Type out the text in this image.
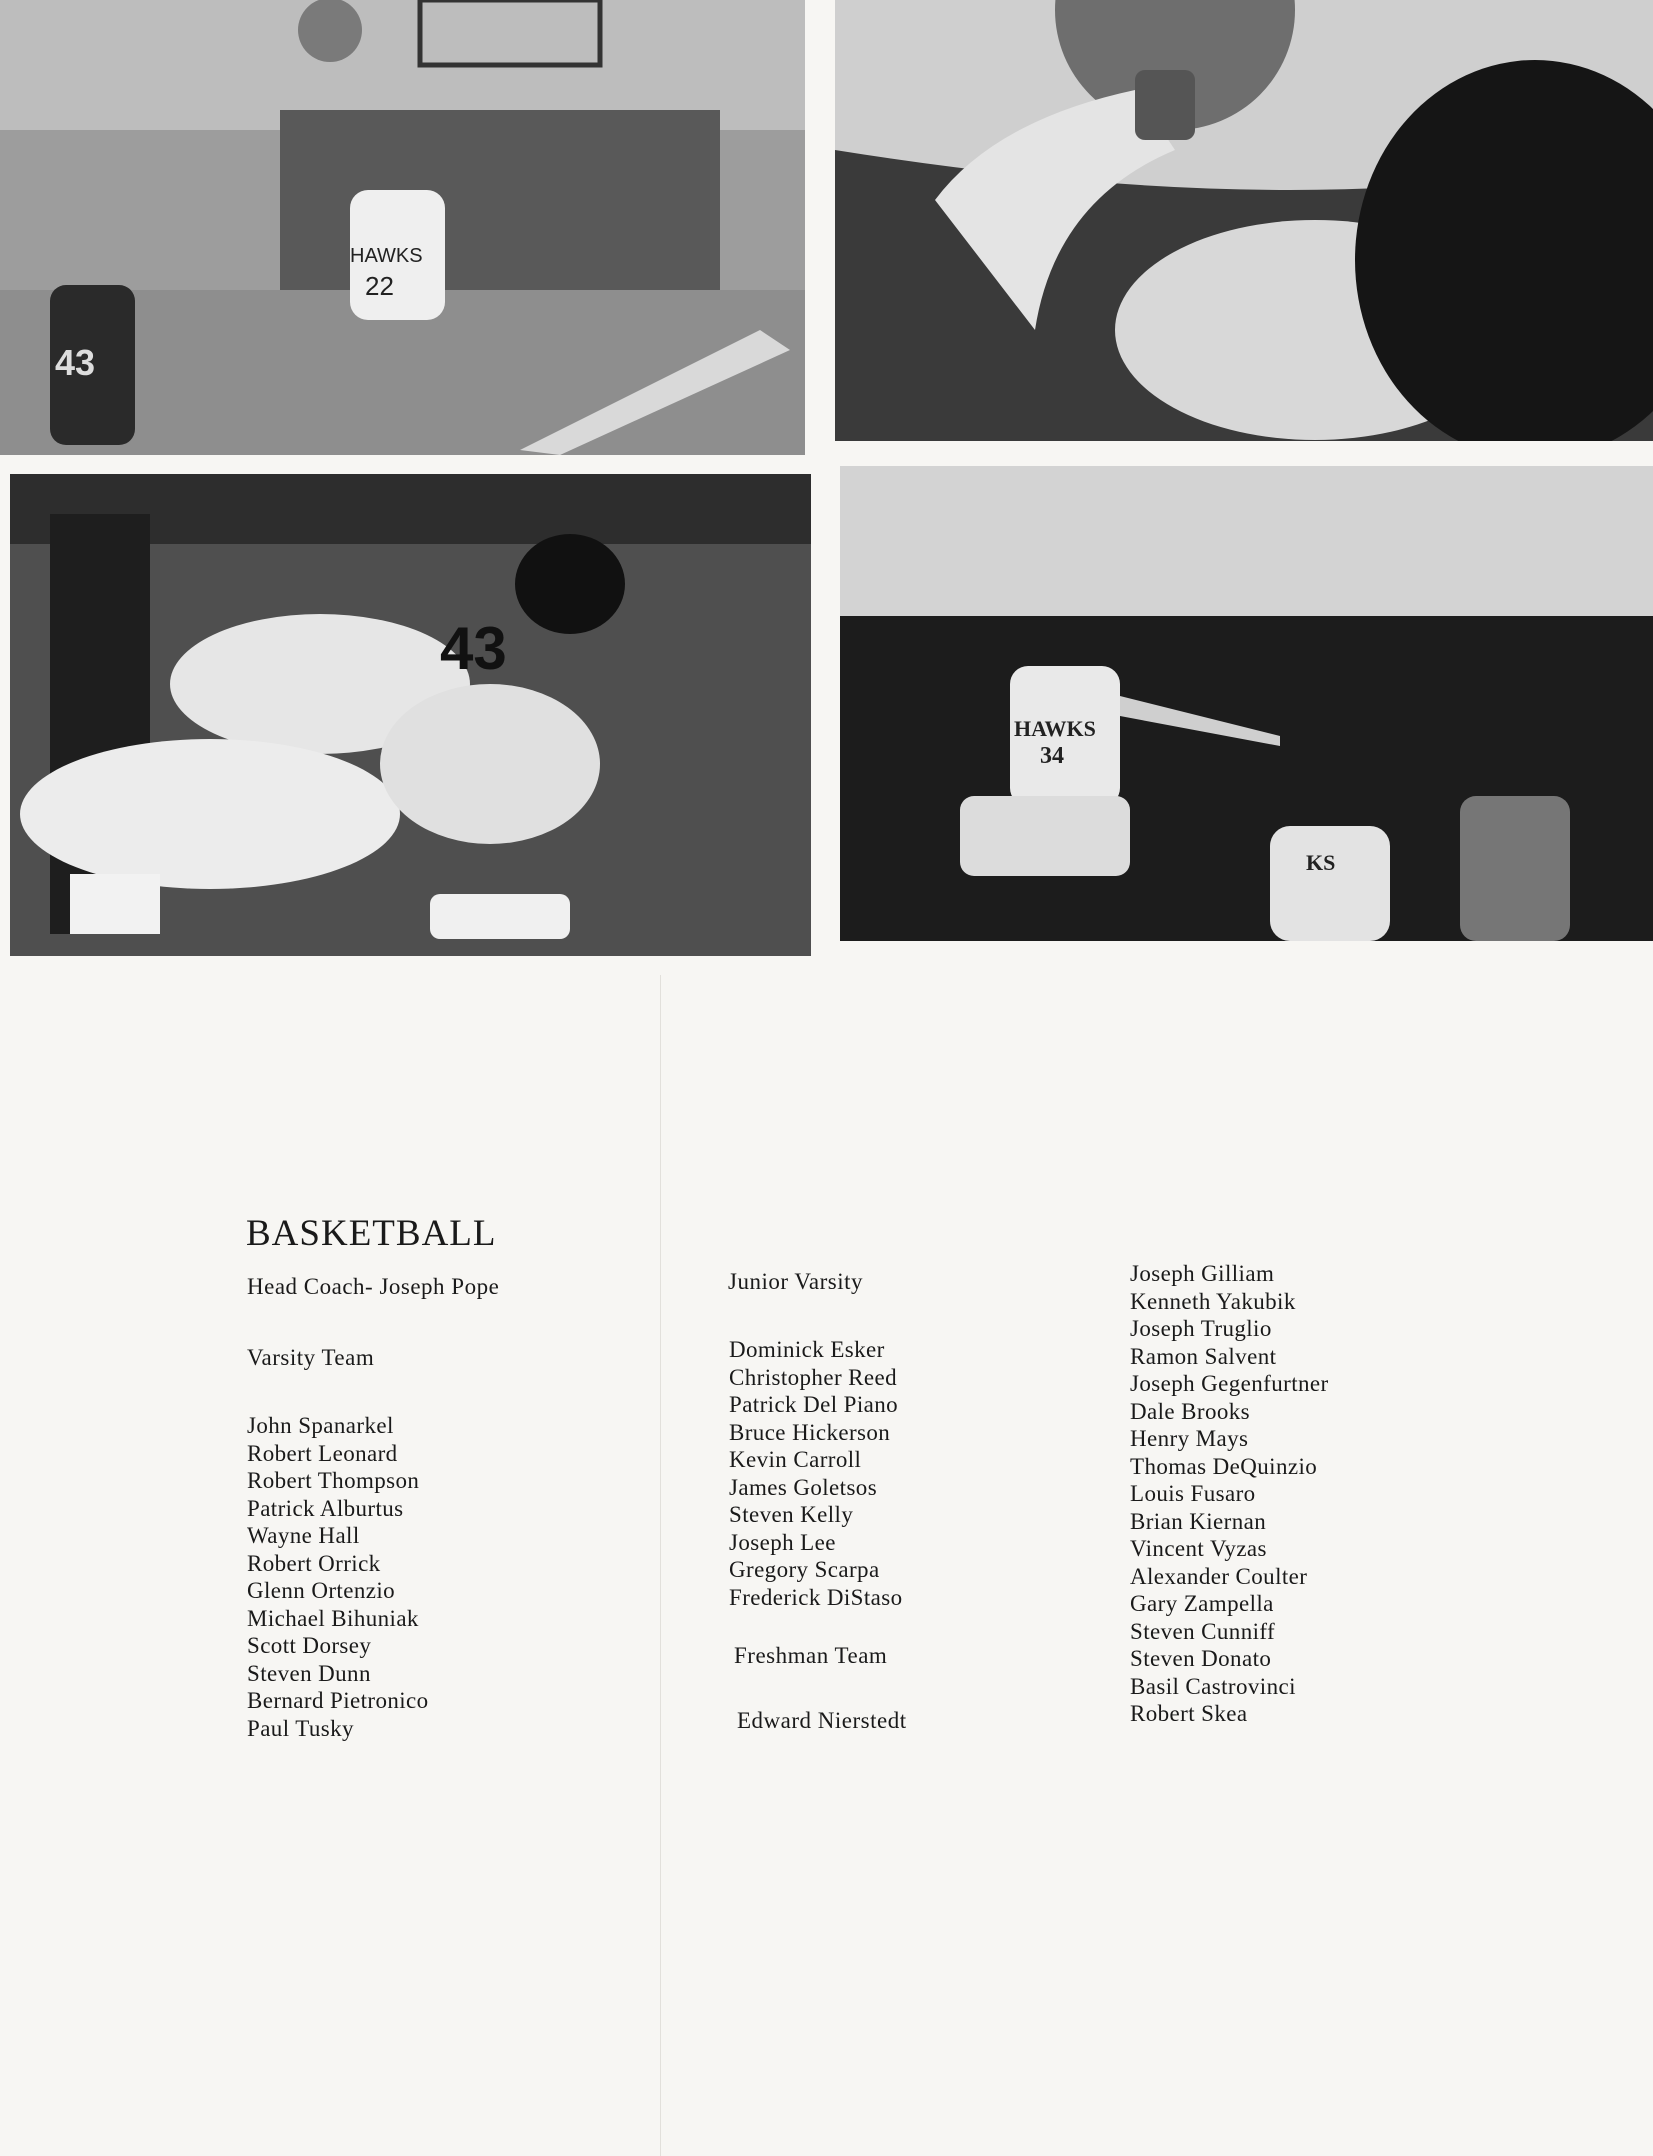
HAWKS
22
43
43
HAWKS
34
KS
BASKETBALL
Head Coach- Joseph Pope
Varsity Team
John Spanarkel
Robert Leonard
Robert Thompson
Patrick Alburtus
Wayne Hall
Robert Orrick
Glenn Ortenzio
Michael Bihuniak
Scott Dorsey
Steven Dunn
Bernard Pietronico
Paul Tusky
Junior Varsity
Dominick Esker
Christopher Reed
Patrick Del Piano
Bruce Hickerson
Kevin Carroll
James Goletsos
Steven Kelly
Joseph Lee
Gregory Scarpa
Frederick DiStaso
Freshman Team
Edward Nierstedt
Joseph Gilliam
Kenneth Yakubik
Joseph Truglio
Ramon Salvent
Joseph Gegenfurtner
Dale Brooks
Henry Mays
Thomas DeQuinzio
Louis Fusaro
Brian Kiernan
Vincent Vyzas
Alexander Coulter
Gary Zampella
Steven Cunniff
Steven Donato
Basil Castrovinci
Robert Skea
